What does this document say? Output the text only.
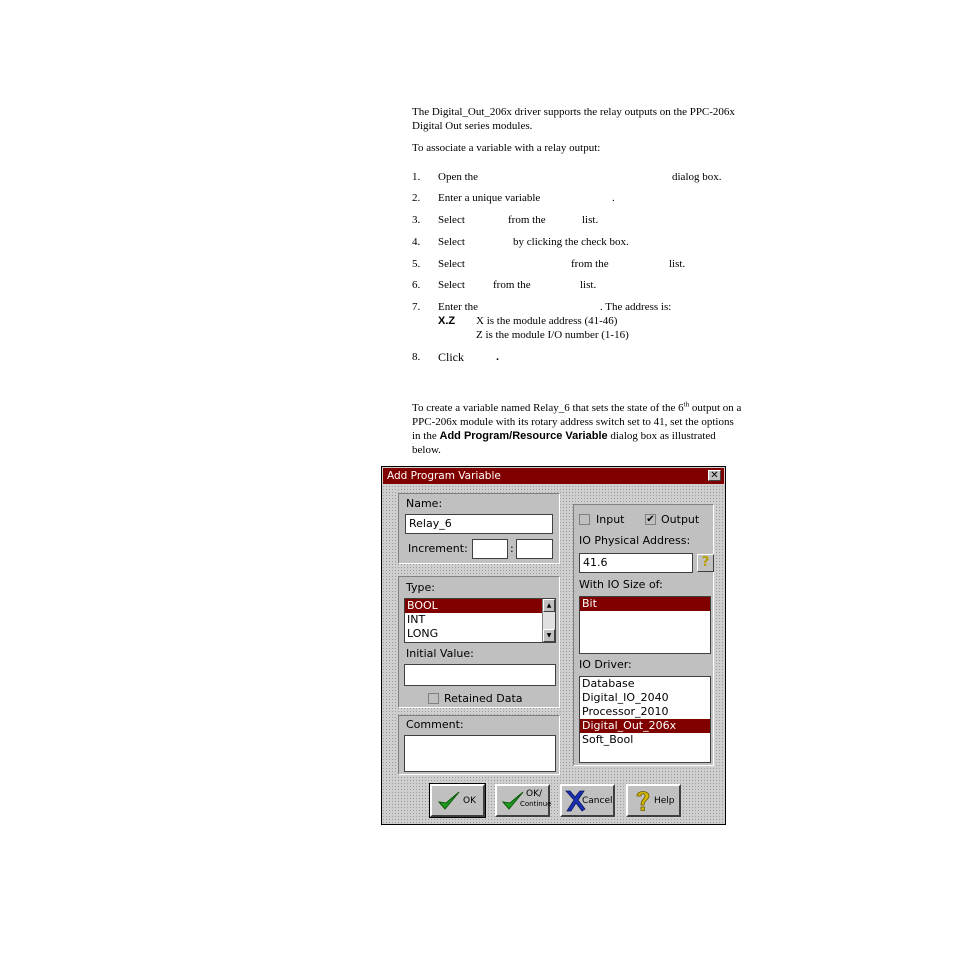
The Digital_Out_206x driver supports the relay outputs on the PPC-206x Digital Out series modules.
To associate a variable with a relay output:
1. Open the	dialog box.
2. Enter a unique variable	.
3. Select	from the	list.
4. Select	by clicking the check box.
5. Select	from the	list.
6. Select	from the	list.
7. Enter the	. The address is:
X.Z X is the module address (41-46)
Z is the module I/O number (1-16)
8. Click	.
To create a variable named Relay_6 that sets the state of the 6th output on a PPC-206x module with its rotary address switch set to 41, set the options in the Add Program/Resource Variable dialog box as illustrated below.
Add Program Variable	✕
Name:
Relay_6
Increment:	:
Type:
BOOL
INT
LONG
▲
▼
Initial Value:
Retained Data
Comment:
Input ✔ Output
IO Physical Address:
41.6	?
With IO Size of:
Bit
IO Driver:
Database
Digital_IO_2040
Processor_2010
Digital_Out_206x
Soft_Bool
OK
OK/
Continue	Cancel	Help
